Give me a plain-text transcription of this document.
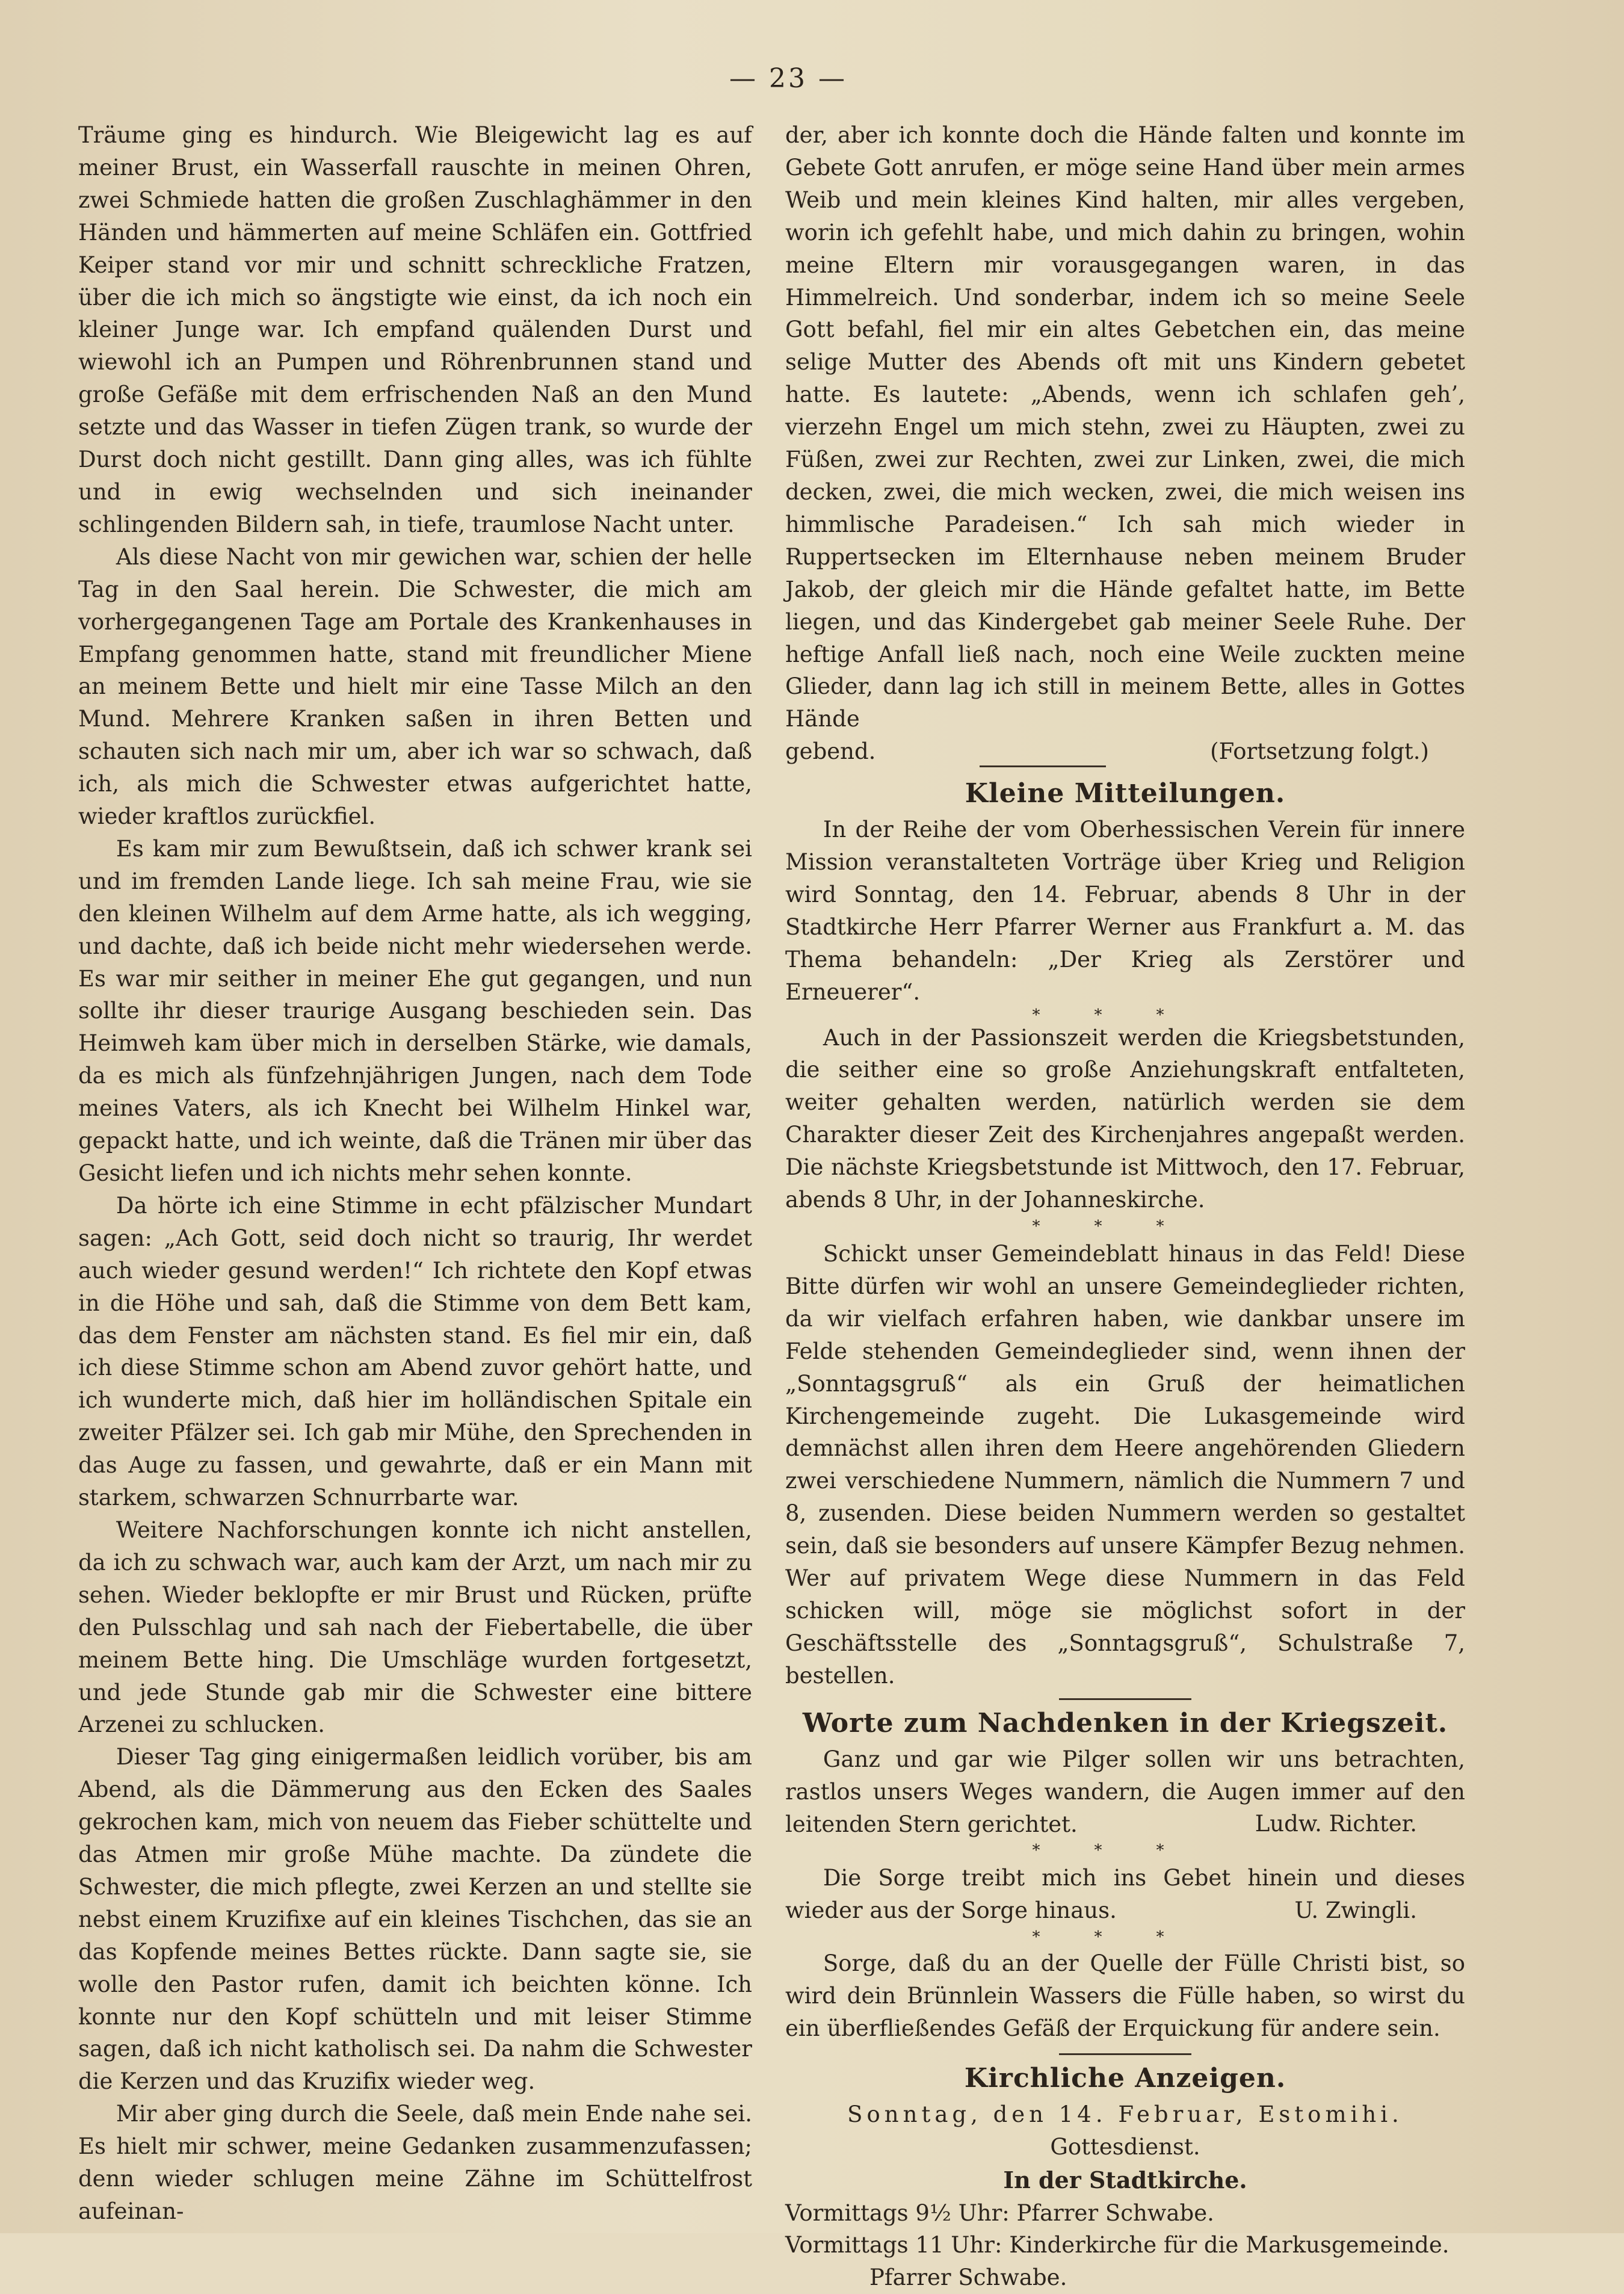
— 23 —

Träume ging es hindurch. Wie Bleigewicht lag es auf meiner Brust, ein Wasserfall rauschte in meinen Ohren, zwei Schmiede hatten die großen Zuschlaghämmer in den Händen und hämmerten auf meine Schläfen ein. Gottfried Keiper stand vor mir und schnitt schreckliche Fratzen, über die ich mich so ängstigte wie einst, da ich noch ein kleiner Junge war. Ich empfand quälenden Durst und wiewohl ich an Pumpen und Röhrenbrunnen stand und große Gefäße mit dem erfrischenden Naß an den Mund setzte und das Wasser in tiefen Zügen trank, so wurde der Durst doch nicht gestillt. Dann ging alles, was ich fühlte und in ewig wechselnden und sich ineinander schlingenden Bildern sah, in tiefe, traumlose Nacht unter.

Als diese Nacht von mir gewichen war, schien der helle Tag in den Saal herein. Die Schwester, die mich am vorhergegangenen Tage am Portale des Krankenhauses in Empfang genommen hatte, stand mit freundlicher Miene an meinem Bette und hielt mir eine Tasse Milch an den Mund. Mehrere Kranken saßen in ihren Betten und schauten sich nach mir um, aber ich war so schwach, daß ich, als mich die Schwester etwas aufgerichtet hatte, wieder kraftlos zurückfiel.

Es kam mir zum Bewußtsein, daß ich schwer krank sei und im fremden Lande liege. Ich sah meine Frau, wie sie den kleinen Wilhelm auf dem Arme hatte, als ich wegging, und dachte, daß ich beide nicht mehr wiedersehen werde. Es war mir seither in meiner Ehe gut gegangen, und nun sollte ihr dieser traurige Ausgang beschieden sein. Das Heimweh kam über mich in derselben Stärke, wie damals, da es mich als fünfzehnjährigen Jungen, nach dem Tode meines Vaters, als ich Knecht bei Wilhelm Hinkel war, gepackt hatte, und ich weinte, daß die Tränen mir über das Gesicht liefen und ich nichts mehr sehen konnte.

Da hörte ich eine Stimme in echt pfälzischer Mundart sagen: „Ach Gott, seid doch nicht so traurig, Ihr werdet auch wieder gesund werden!“ Ich richtete den Kopf etwas in die Höhe und sah, daß die Stimme von dem Bett kam, das dem Fenster am nächsten stand. Es fiel mir ein, daß ich diese Stimme schon am Abend zuvor gehört hatte, und ich wunderte mich, daß hier im holländischen Spitale ein zweiter Pfälzer sei. Ich gab mir Mühe, den Sprechenden in das Auge zu fassen, und gewahrte, daß er ein Mann mit starkem, schwarzen Schnurrbarte war.

Weitere Nachforschungen konnte ich nicht anstellen, da ich zu schwach war, auch kam der Arzt, um nach mir zu sehen. Wieder beklopfte er mir Brust und Rücken, prüfte den Pulsschlag und sah nach der Fiebertabelle, die über meinem Bette hing. Die Umschläge wurden fortgesetzt, und jede Stunde gab mir die Schwester eine bittere Arzenei zu schlucken.

Dieser Tag ging einigermaßen leidlich vorüber, bis am Abend, als die Dämmerung aus den Ecken des Saales gekrochen kam, mich von neuem das Fieber schüttelte und das Atmen mir große Mühe machte. Da zündete die Schwester, die mich pflegte, zwei Kerzen an und stellte sie nebst einem Kruzifixe auf ein kleines Tischchen, das sie an das Kopfende meines Bettes rückte. Dann sagte sie, sie wolle den Pastor rufen, damit ich beichten könne. Ich konnte nur den Kopf schütteln und mit leiser Stimme sagen, daß ich nicht katholisch sei. Da nahm die Schwester die Kerzen und das Kruzifix wieder weg.

Mir aber ging durch die Seele, daß mein Ende nahe sei. Es hielt mir schwer, meine Gedanken zusammenzufassen; denn wieder schlugen meine Zähne im Schüttelfrost aufeinan-

der, aber ich konnte doch die Hände falten und konnte im Gebete Gott anrufen, er möge seine Hand über mein armes Weib und mein kleines Kind halten, mir alles vergeben, worin ich gefehlt habe, und mich dahin zu bringen, wohin meine Eltern mir vorausgegangen waren, in das Himmelreich. Und sonderbar, indem ich so meine Seele Gott befahl, fiel mir ein altes Gebetchen ein, das meine selige Mutter des Abends oft mit uns Kindern gebetet hatte. Es lautete: „Abends, wenn ich schlafen geh’, vierzehn Engel um mich stehn, zwei zu Häupten, zwei zu Füßen, zwei zur Rechten, zwei zur Linken, zwei, die mich decken, zwei, die mich wecken, zwei, die mich weisen ins himmlische Paradeisen.“ Ich sah mich wieder in Ruppertsecken im Elternhause neben meinem Bruder Jakob, der gleich mir die Hände gefaltet hatte, im Bette liegen, und das Kindergebet gab meiner Seele Ruhe. Der heftige Anfall ließ nach, noch eine Weile zuckten meine Glieder, dann lag ich still in meinem Bette, alles in Gottes Hände

gebend.	(Fortsetzung folgt.)
Kleine Mitteilungen.

In der Reihe der vom Oberhessischen Verein für innere Mission veranstalteten Vorträge über Krieg und Religion wird Sonntag, den 14. Februar, abends 8 Uhr in der Stadtkirche Herr Pfarrer Werner aus Frankfurt a. M. das Thema behandeln: „Der Krieg als Zerstörer und Erneuerer“.

***

Auch in der Passionszeit werden die Kriegsbetstunden, die seither eine so große Anziehungskraft entfalteten, weiter gehalten werden, natürlich werden sie dem Charakter dieser Zeit des Kirchenjahres angepaßt werden. Die nächste Kriegsbetstunde ist Mittwoch, den 17. Februar, abends 8 Uhr, in der Johanneskirche.

***

Schickt unser Gemeindeblatt hinaus in das Feld! Diese Bitte dürfen wir wohl an unsere Gemeindeglieder richten, da wir vielfach erfahren haben, wie dankbar unsere im Felde stehenden Gemeindeglieder sind, wenn ihnen der „Sonntagsgruß“ als ein Gruß der heimatlichen Kirchengemeinde zugeht. Die Lukasgemeinde wird demnächst allen ihren dem Heere angehörenden Gliedern zwei verschiedene Nummern, nämlich die Nummern 7 und 8, zusenden. Diese beiden Nummern werden so gestaltet sein, daß sie besonders auf unsere Kämpfer Bezug nehmen. Wer auf privatem Wege diese Nummern in das Feld schicken will, möge sie möglichst sofort in der Geschäftsstelle des „Sonntagsgruß“, Schulstraße 7, bestellen.

Worte zum Nachdenken in der Kriegszeit.

Ganz und gar wie Pilger sollen wir uns betrachten, rastlos unsers Weges wandern, die Augen immer auf den leitenden Stern gerichtet.	Ludw. Richter.

***

Die Sorge treibt mich ins Gebet hinein und dieses wieder aus der Sorge hinaus.	U. Zwingli.

***

Sorge, daß du an der Quelle der Fülle Christi bist, so wird dein Brünnlein Wassers die Fülle haben, so wirst du ein überfließendes Gefäß der Erquickung für andere sein.

Kirchliche Anzeigen.

Sonntag, den 14. Februar, Estomihi.

Gottesdienst.

In der Stadtkirche.

Vormittags 9½ Uhr: Pfarrer Schwabe.

Vormittags 11 Uhr: Kinderkirche für die Markusgemeinde.

Pfarrer Schwabe.
